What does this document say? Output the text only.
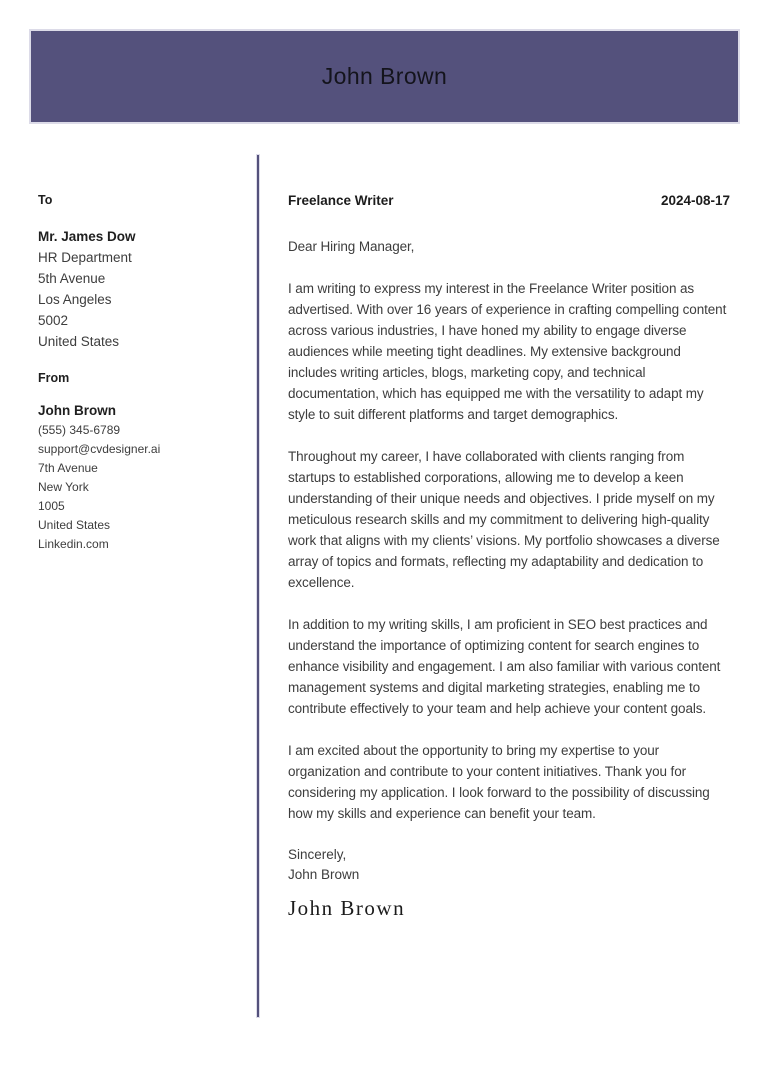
John Brown
To

Mr. James Dow

HR Department

5th Avenue

Los Angeles

5002

United States

From

John Brown

(555) 345-6789

support@cvdesigner.ai

7th Avenue

New York

1005

United States

Linkedin.com

Freelance Writer	2024-08-17

Dear Hiring Manager,

I am writing to express my interest in the Freelance Writer position as advertised. With over 16 years of experience in crafting compelling content across various industries, I have honed my ability to engage diverse audiences while meeting tight deadlines. My extensive background includes writing articles, blogs, marketing copy, and technical documentation, which has equipped me with the versatility to adapt my style to suit different platforms and target demographics.

Throughout my career, I have collaborated with clients ranging from startups to established corporations, allowing me to develop a keen understanding of their unique needs and objectives. I pride myself on my meticulous research skills and my commitment to delivering high-quality work that aligns with my clients’ visions. My portfolio showcases a diverse array of topics and formats, reflecting my adaptability and dedication to excellence.

In addition to my writing skills, I am proficient in SEO best practices and understand the importance of optimizing content for search engines to enhance visibility and engagement. I am also familiar with various content management systems and digital marketing strategies, enabling me to contribute effectively to your team and help achieve your content goals.

I am excited about the opportunity to bring my expertise to your organization and contribute to your content initiatives. Thank you for considering my application. I look forward to the possibility of discussing how my skills and experience can benefit your team.

Sincerely,

John Brown

John Brown
